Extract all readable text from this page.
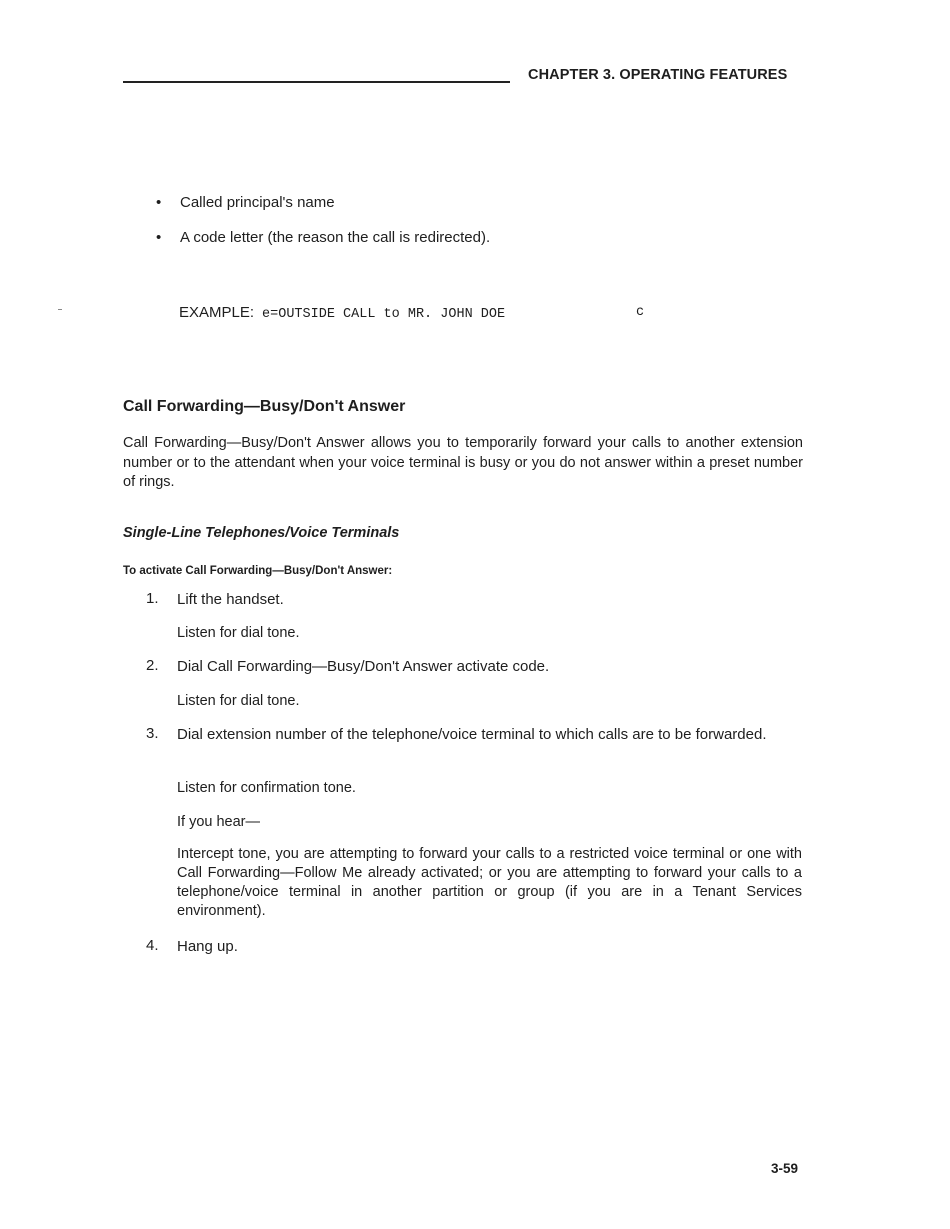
CHAPTER 3. OPERATING FEATURES
• Called principal's name
• A code letter (the reason the call is redirected).
EXAMPLE: e=OUTSIDE CALL to MR. JOHN DOE	c
Call Forwarding—Busy/Don't Answer
Call Forwarding—Busy/Don't Answer allows you to temporarily forward your calls to another extension number or to the attendant when your voice terminal is busy or you do not answer within a preset number of rings.
Single-Line Telephones/Voice Terminals
To activate Call Forwarding—Busy/Don't Answer:
1. Lift the handset.
Listen for dial tone.
2. Dial Call Forwarding—Busy/Don't Answer activate code.
Listen for dial tone.
3. Dial extension number of the telephone/voice terminal to which calls are to be forwarded.
Listen for confirmation tone.
If you hear—
Intercept tone, you are attempting to forward your calls to a restricted voice terminal or one with Call Forwarding—Follow Me already activated; or you are attempting to forward your calls to a telephone/voice terminal in another partition or group (if you are in a Tenant Services environment).
4. Hang up.
3-59
